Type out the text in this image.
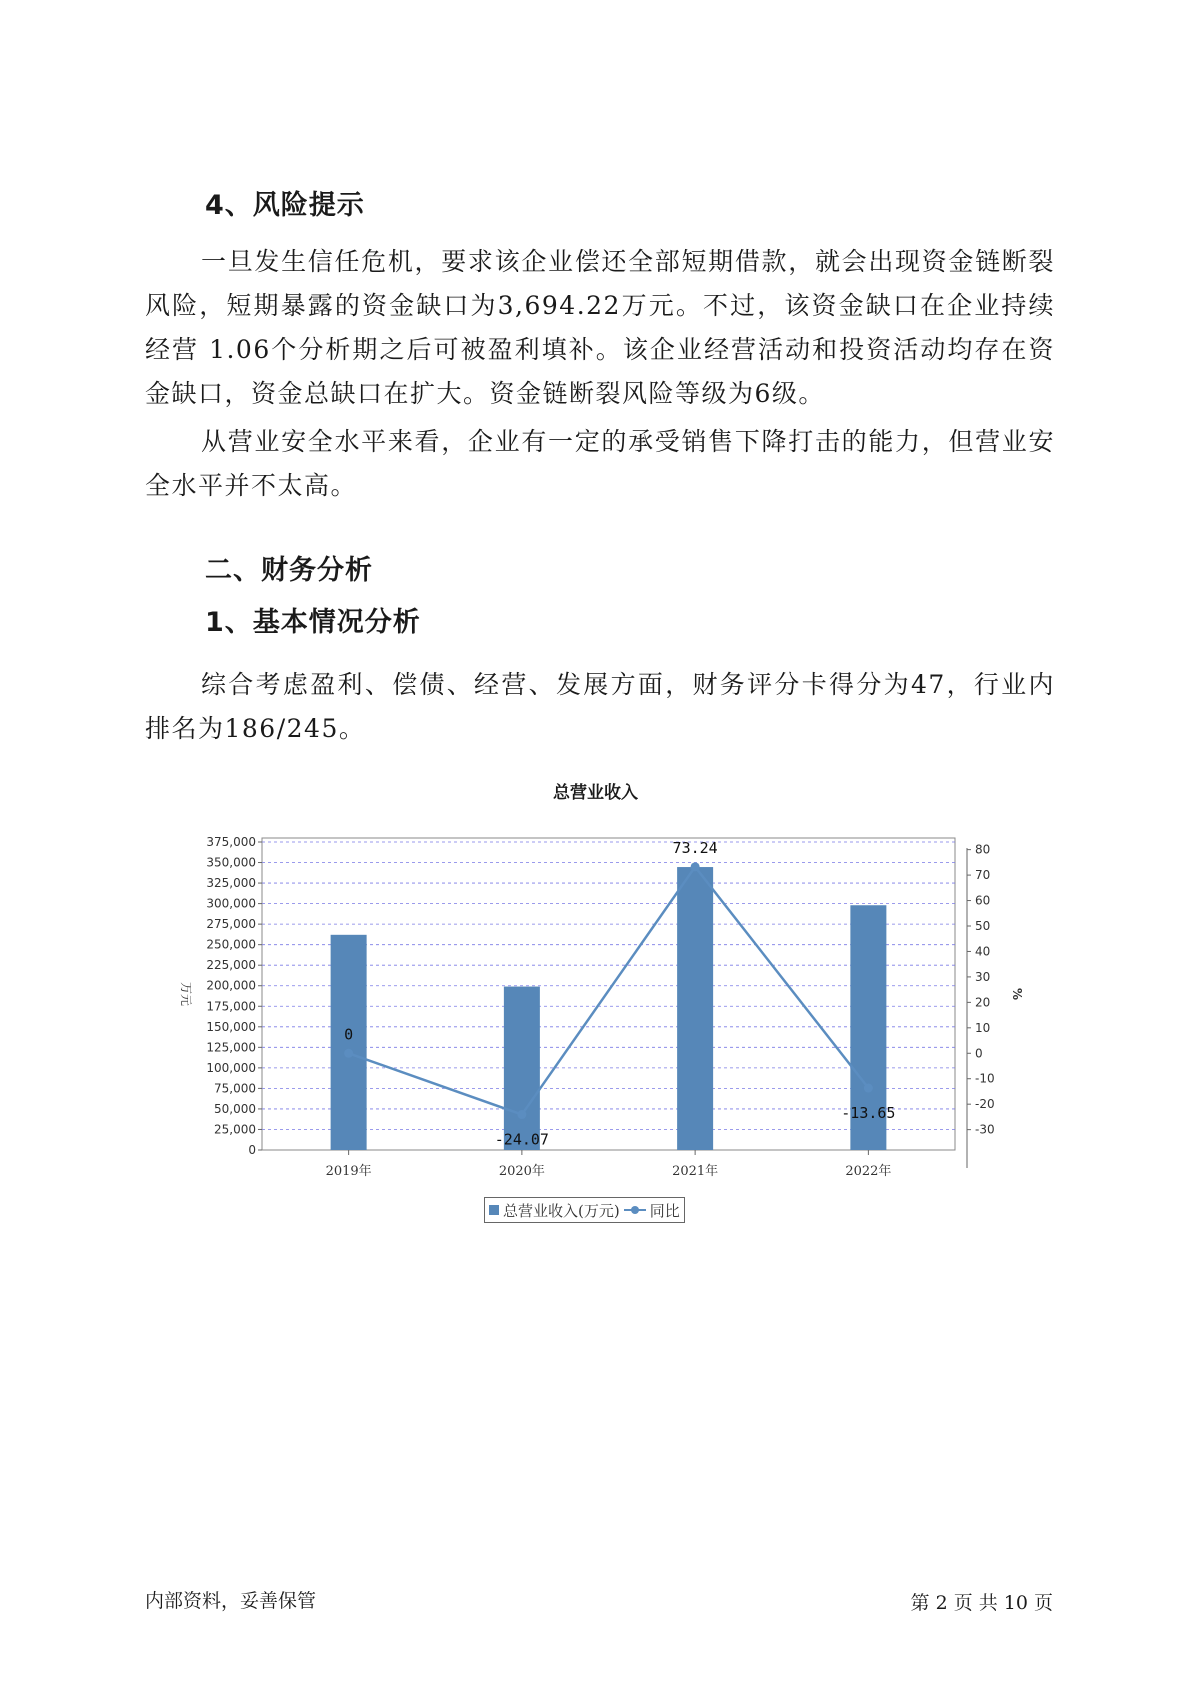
4、风险提示

一旦发生信任危机，要求该企业偿还全部短期借款，就会出现资金链断裂风险，短期暴露的资金缺口为3,694.22万元。不过，该资金缺口在企业持续经营 1.06个分析期之后可被盈利填补。该企业经营活动和投资活动均存在资金缺口，资金总缺口在扩大。资金链断裂风险等级为6级。

从营业安全水平来看，企业有一定的承受销售下降打击的能力，但营业安全水平并不太高。

二、财务分析
1、基本情况分析

综合考虑盈利、偿债、经营、发展方面，财务评分卡得分为47，行业内排名为186/245。

总营业收入
0
25,000
50,000
75,000
100,000
125,000
150,000
175,000
200,000
225,000
250,000
275,000
300,000
325,000
350,000
375,000
万元
-30
-20
-10
0
10
20
30
40
50
60
70
80
%
2019年	2020年	2021年	2022年
0
-24.07
73.24
-13.65
总营业收入(万元) 同比
内部资料，妥善保管	第 2 页 共 10 页
